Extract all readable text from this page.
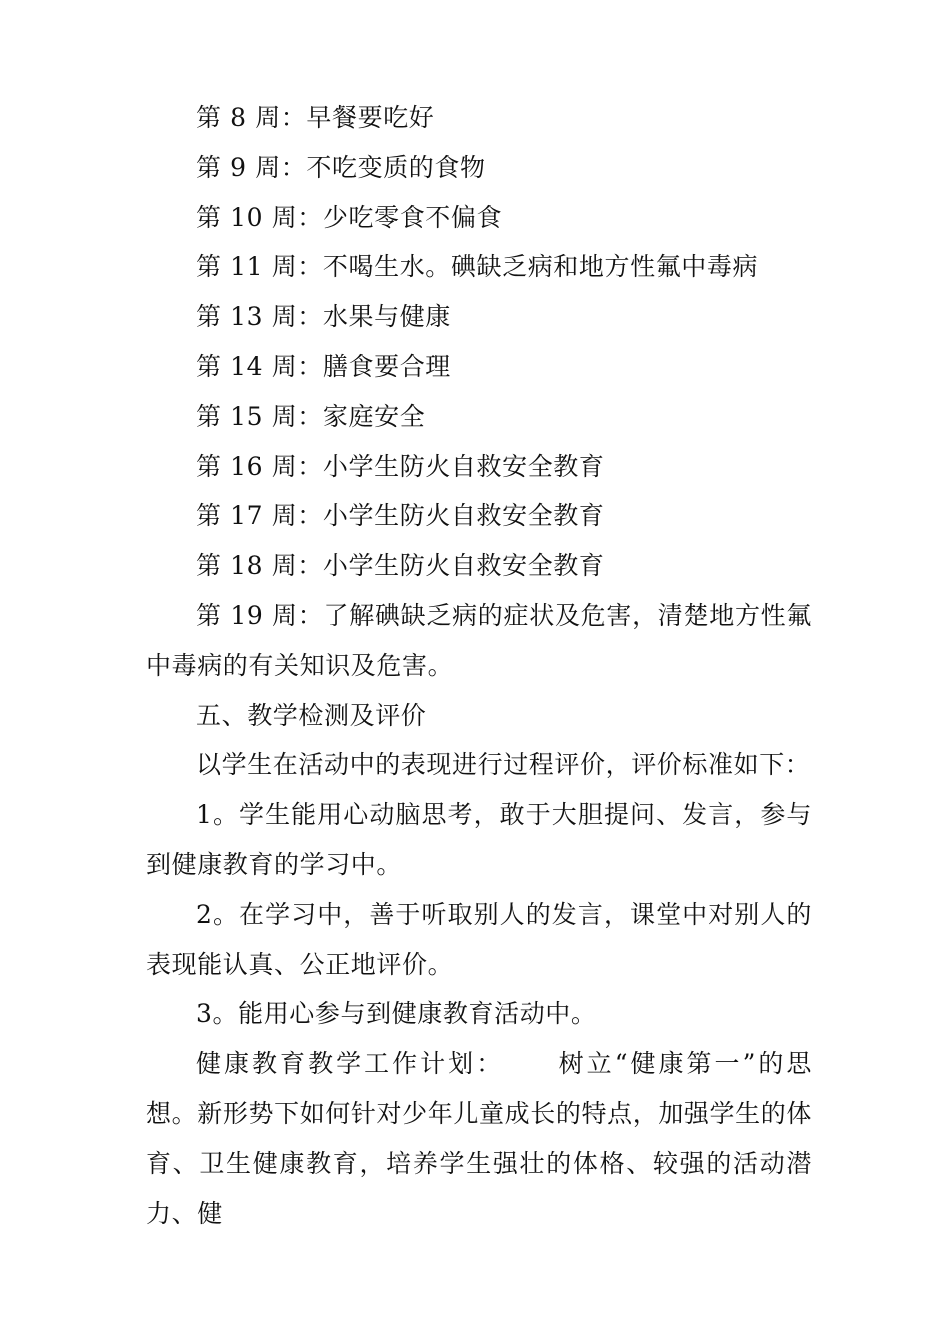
第 8 周：早餐要吃好

第 9 周：不吃变质的食物

第 10 周：少吃零食不偏食

第 11 周：不喝生水。碘缺乏病和地方性氟中毒病

第 13 周：水果与健康

第 14 周：膳食要合理

第 15 周：家庭安全

第 16 周：小学生防火自救安全教育

第 17 周：小学生防火自救安全教育

第 18 周：小学生防火自救安全教育

第 19 周：了解碘缺乏病的症状及危害，清楚地方性氟中毒病的有关知识及危害。

五、教学检测及评价

以学生在活动中的表现进行过程评价，评价标准如下：

1。学生能用心动脑思考，敢于大胆提问、发言，参与到健康教育的学习中。

2。在学习中，善于听取别人的发言，课堂中对别人的表现能认真、公正地评价。

3。能用心参与到健康教育活动中。

健康教育教学工作计划： 树立“健康第一”的思想。新形势下如何针对少年儿童成长的特点，加强学生的体育、卫生健康教育，培养学生强壮的体格、较强的活动潜力、健
